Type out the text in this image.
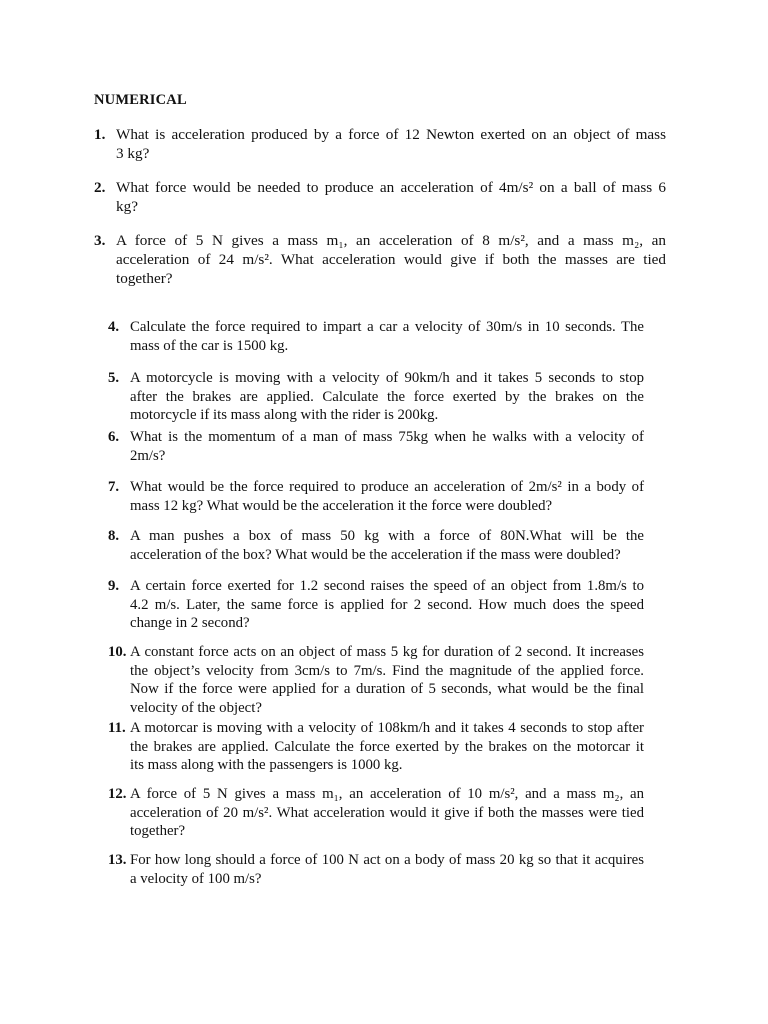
NUMERICAL
1. What is acceleration produced by a force of 12 Newton exerted on an object of mass
3 kg?
2. What force would be needed to produce an acceleration of 4m/s² on a ball of mass 6
kg?
3. A force of 5 N gives a mass m₁, an acceleration of 8 m/s², and a mass m₂, an
acceleration of 24 m/s². What acceleration would give if both the masses are tied
together?
4. Calculate the force required to impart a car a velocity of 30m/s in 10 seconds. The
mass of the car is 1500 kg.
5. A motorcycle is moving with a velocity of 90km/h and it takes 5 seconds to stop
after the brakes are applied. Calculate the force exerted by the brakes on the
motorcycle if its mass along with the rider is 200kg.
6. What is the momentum of a man of mass 75kg when he walks with a velocity of
2m/s?
7. What would be the force required to produce an acceleration of 2m/s² in a body of
mass 12 kg? What would be the acceleration it the force were doubled?
8. A man pushes a box of mass 50 kg with a force of 80N.What will be the
acceleration of the box? What would be the acceleration if the mass were doubled?
9. A certain force exerted for 1.2 second raises the speed of an object from 1.8m/s to
4.2 m/s. Later, the same force is applied for 2 second. How much does the speed
change in 2 second?
10. A constant force acts on an object of mass 5 kg for duration of 2 second. It increases
the object’s velocity from 3cm/s to 7m/s. Find the magnitude of the applied force.
Now if the force were applied for a duration of 5 seconds, what would be the final
velocity of the object?
11. A motorcar is moving with a velocity of 108km/h and it takes 4 seconds to stop after
the brakes are applied. Calculate the force exerted by the brakes on the motorcar it
its mass along with the passengers is 1000 kg.
12. A force of 5 N gives a mass m₁, an acceleration of 10 m/s², and a mass m₂, an
acceleration of 20 m/s². What acceleration would it give if both the masses were tied
together?
13. For how long should a force of 100 N act on a body of mass 20 kg so that it acquires
a velocity of 100 m/s?
